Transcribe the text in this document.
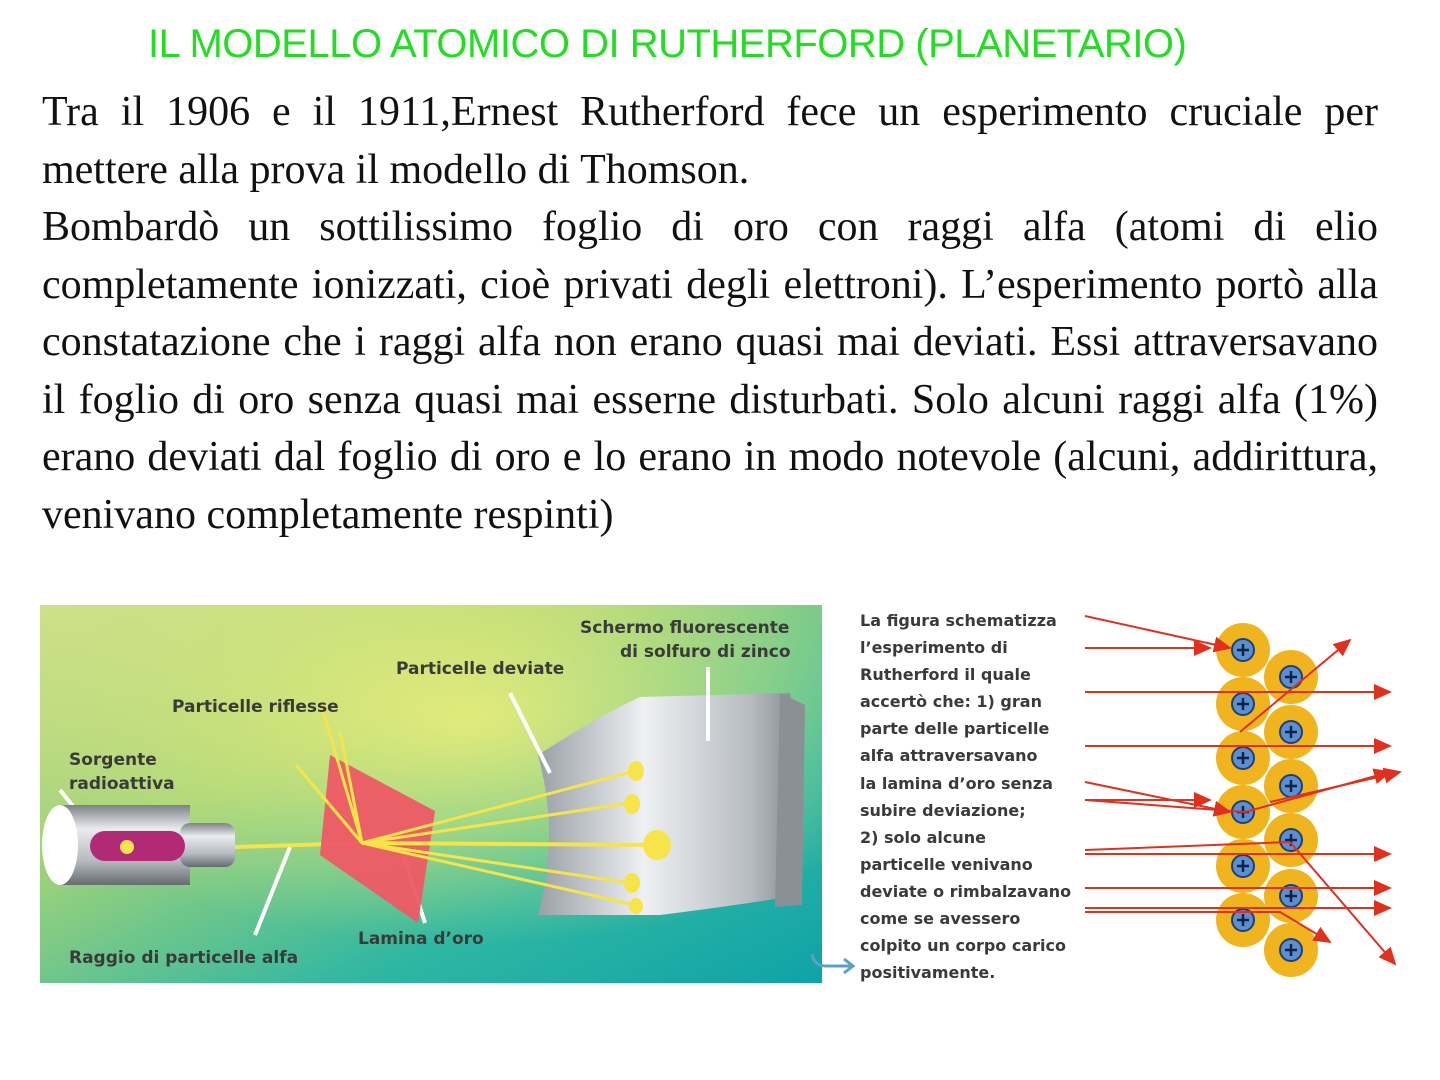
IL MODELLO ATOMICO DI RUTHERFORD (PLANETARIO)

Tra il 1906 e il 1911,Ernest Rutherford fece un esperimento cruciale per mettere alla prova il modello di Thomson.

Bombardò un sottilissimo foglio di oro con raggi alfa (atomi di elio completamente ionizzati, cioè privati degli elettroni). L’esperimento portò alla constatazione che i raggi alfa non erano quasi mai deviati. Essi attraversavano il foglio di oro senza quasi mai esserne disturbati. Solo alcuni raggi alfa (1%) erano deviati dal foglio di oro e lo erano in modo notevole (alcuni, addirittura, venivano completamente respinti)

Schermo fluorescente
di solfuro di zinco
Particelle deviate
Particelle riflesse
Sorgente
radioattiva
Lamina d’oro
Raggio di particelle alfa
La figura schematizza
l’esperimento di
Rutherford il quale
accertò che: 1) gran
parte delle particelle
alfa attraversavano
la lamina d’oro senza
subire deviazione;
2) solo alcune
particelle venivano
deviate o rimbalzavano
come se avessero
colpito un corpo carico
positivamente.
